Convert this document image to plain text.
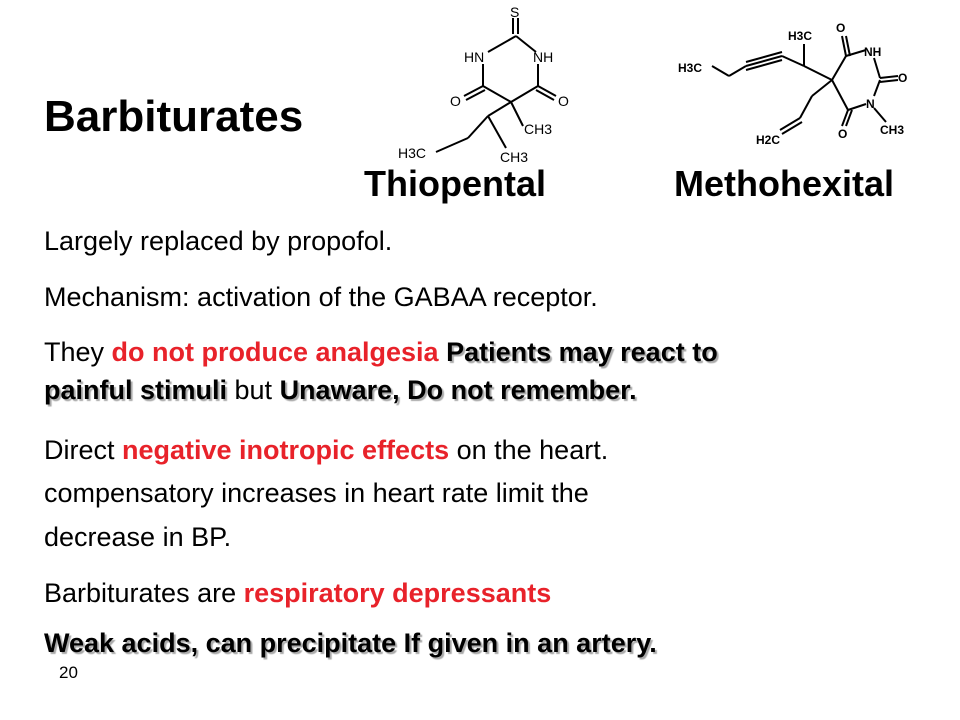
Barbiturates
S
HN	NH
O	O
CH3
H3C	CH3
H3C
H3C
O
NH
O
N
O	CH3
H2C
Thiopental	Methohexital
Largely replaced by propofol.
Mechanism: activation of the GABAA receptor.
They do not produce analgesia Patients may react to
painful stimuli but Unaware, Do not remember.
Direct negative inotropic effects on the heart.
compensatory increases in heart rate limit the
decrease in BP.
Barbiturates are respiratory depressants
Weak acids, can precipitate If given in an artery.
20
